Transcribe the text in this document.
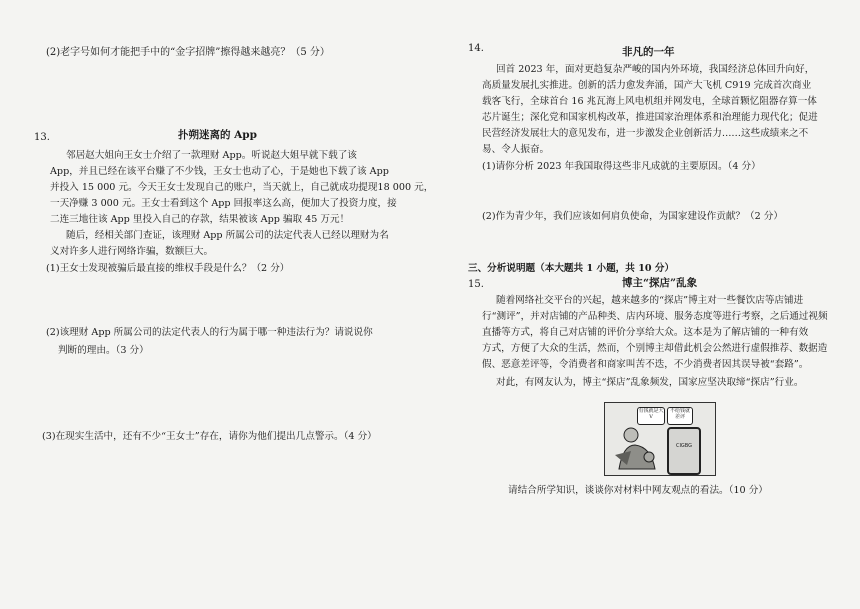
(2)老字号如何才能把手中的“金字招牌”擦得越来越亮？（5 分）
13.	扑朔迷离的 App
邻居赵大姐向王女士介绍了一款理财 App。听说赵大姐早就下载了该
App，并且已经在该平台赚了不少钱，王女士也动了心，于是她也下载了该 App
并投入 15 000 元。今天王女士发现自己的账户，当天就上，自己就成功提现18 000 元，
一天净赚 3 000 元。王女士看到这个 App 回报率这么高，便加大了投资力度，接
二连三地往该 App 里投入自己的存款，结果被该 App 骗取 45 万元！
随后，经相关部门查证，该理财 App 所属公司的法定代表人已经以理财为名
义对许多人进行网络诈骗，数额巨大。
(1)王女士发现被骗后最直接的维权手段是什么？（2 分）
(2)该理财 App 所属公司的法定代表人的行为属于哪一种违法行为？请说说你
判断的理由。（3 分）
(3)在现实生活中，还有不少“王女士”存在，请你为他们提出几点警示。（4 分）
14.	非凡的一年
回首 2023 年，面对更趋复杂严峻的国内外环境，我国经济总体回升向好，
高质量发展扎实推进。创新的活力愈发奔涌，国产大飞机 C919 完成首次商业
载客飞行，全球首台 16 兆瓦海上风电机组并网发电，全球首颗忆阻器存算一体
芯片诞生；深化党和国家机构改革，推进国家治理体系和治理能力现代化；促进
民营经济发展壮大的意见发布，进一步激发企业创新活力……这些成绩来之不
易、令人振奋。
(1)请你分析 2023 年我国取得这些非凡成就的主要原因。（4 分）
(2)作为青少年，我们应该如何肩负使命，为国家建设作贡献？（2 分）
三、分析说明题（本大题共 1 小题，共 10 分）
15.	博主“探店”乱象
随着网络社交平台的兴起，越来越多的“探店”博主对一些餐饮店等店铺进
行“测评”，并对店铺的产品种类、店内环境、服务态度等进行考察，之后通过视频
直播等方式，将自己对店铺的评价分享给大众。这本是为了解店铺的一种有效
方式，方便了大众的生活，然而，个别博主却借此机会公然进行虚假推荐、数据造
假、恶意差评等，令消费者和商家叫苦不迭，不少消费者因其误导被“套路”。
对此，有网友认为，博主“探店”乱象频发，国家应坚决取缔“探店”行业。
有钱就是大V
不给钱就差评
CIGBG
请结合所学知识，谈谈你对材料中网友观点的看法。（10 分）
